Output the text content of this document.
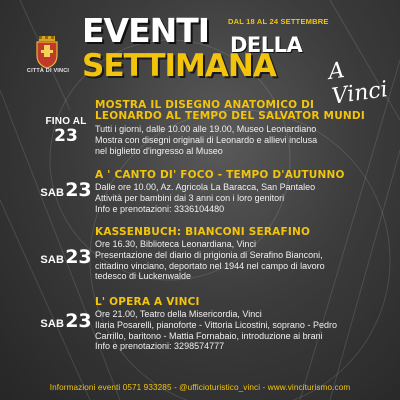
CITTÀ DI VINCI
EVENTI	DAL 18 AL 24 SETTEMBRE
DELLA
SETTIMANA A Vinci
FINO AL
23
MOSTRA IL DISEGNO ANATOMICO DI
LEONARDO AL TEMPO DEL SALVATOR MUNDI
Tutti i giorni, dalle 10.00 alle 19.00, Museo Leonardiano
Mostra con disegni originali di Leonardo e allievi inclusa
nel biglietto d'ingresso al Museo
SAB 23
A ' CANTO DI' FOCO - TEMPO D'AUTUNNO
Dalle ore 10.00, Az. Agricola La Baracca, San Pantaleo
Attività per bambini dai 3 anni con i loro genitori
Info e prenotazioni: 3336104480
SAB 23
KASSENBUCH: BIANCONI SERAFINO
Ore 16.30, Biblioteca Leonardiana, Vinci
Presentazione del diario di prigionia di Serafino Bianconi,
cittadino vinciano, deportato nel 1944 nel campo di lavoro
tedesco di Luckenwalde
SAB 23
L' OPERA A VINCI
Ore 21.00, Teatro della Misericordia, Vinci
Ilaria Posarelli, pianoforte - Vittoria Licostini, soprano - Pedro
Carrillo, baritono - Mattia Fornabaio, introduzione ai brani
Info e prenotazioni: 3298574777
Informazioni eventi 0571 933285 - @ufficioturistico_vinci - www.vinciturismo.com
